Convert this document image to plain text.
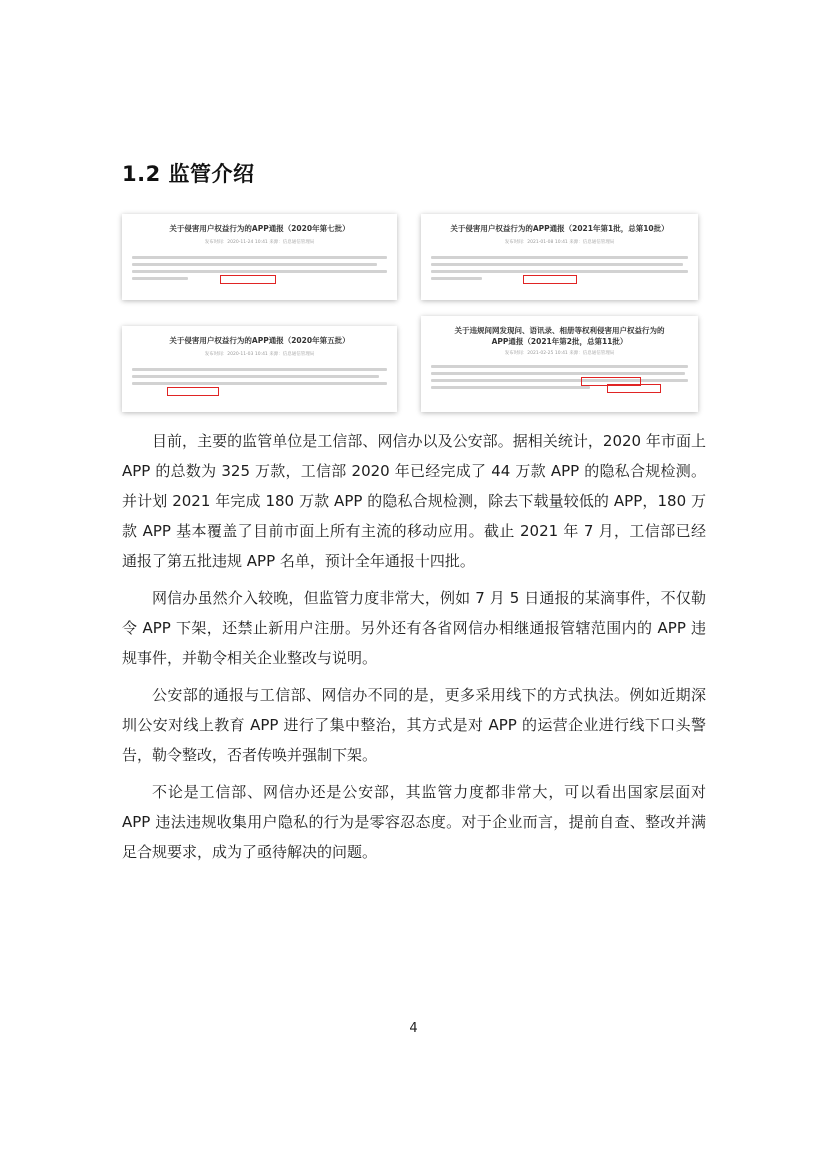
1.2 监管介绍
关于侵害用户权益行为的APP通报（2020年第七批）
发布时间：2020-11-24 10:41 来源：信息通信管理局
关于侵害用户权益行为的APP通报（2021年第1批，总第10批）
发布时间：2021-01-08 10:41 来源：信息通信管理局
关于侵害用户权益行为的APP通报（2020年第五批）
发布时间：2020-11-03 10:41 来源：信息通信管理局
关于违规间网发现问、语讯录、相册等权利侵害用户权益行为的APP通报（2021年第2批，总第11批）
发布时间：2021-02-25 10:41 来源：信息通信管理局

目前，主要的监管单位是工信部、网信办以及公安部。据相关统计，2020 年市面上 APP 的总数为 325 万款，工信部 2020 年已经完成了 44 万款 APP 的隐私合规检测。并计划 2021 年完成 180 万款 APP 的隐私合规检测，除去下载量较低的 APP，180 万款 APP 基本覆盖了目前市面上所有主流的移动应用。截止 2021 年 7 月，工信部已经通报了第五批违规 APP 名单，预计全年通报十四批。

网信办虽然介入较晚，但监管力度非常大，例如 7 月 5 日通报的某滴事件，不仅勒令 APP 下架，还禁止新用户注册。另外还有各省网信办相继通报管辖范围内的 APP 违规事件，并勒令相关企业整改与说明。

公安部的通报与工信部、网信办不同的是，更多采用线下的方式执法。例如近期深圳公安对线上教育 APP 进行了集中整治，其方式是对 APP 的运营企业进行线下口头警告，勒令整改，否者传唤并强制下架。

不论是工信部、网信办还是公安部，其监管力度都非常大，可以看出国家层面对 APP 违法违规收集用户隐私的行为是零容忍态度。对于企业而言，提前自查、整改并满足合规要求，成为了亟待解决的问题。

4
